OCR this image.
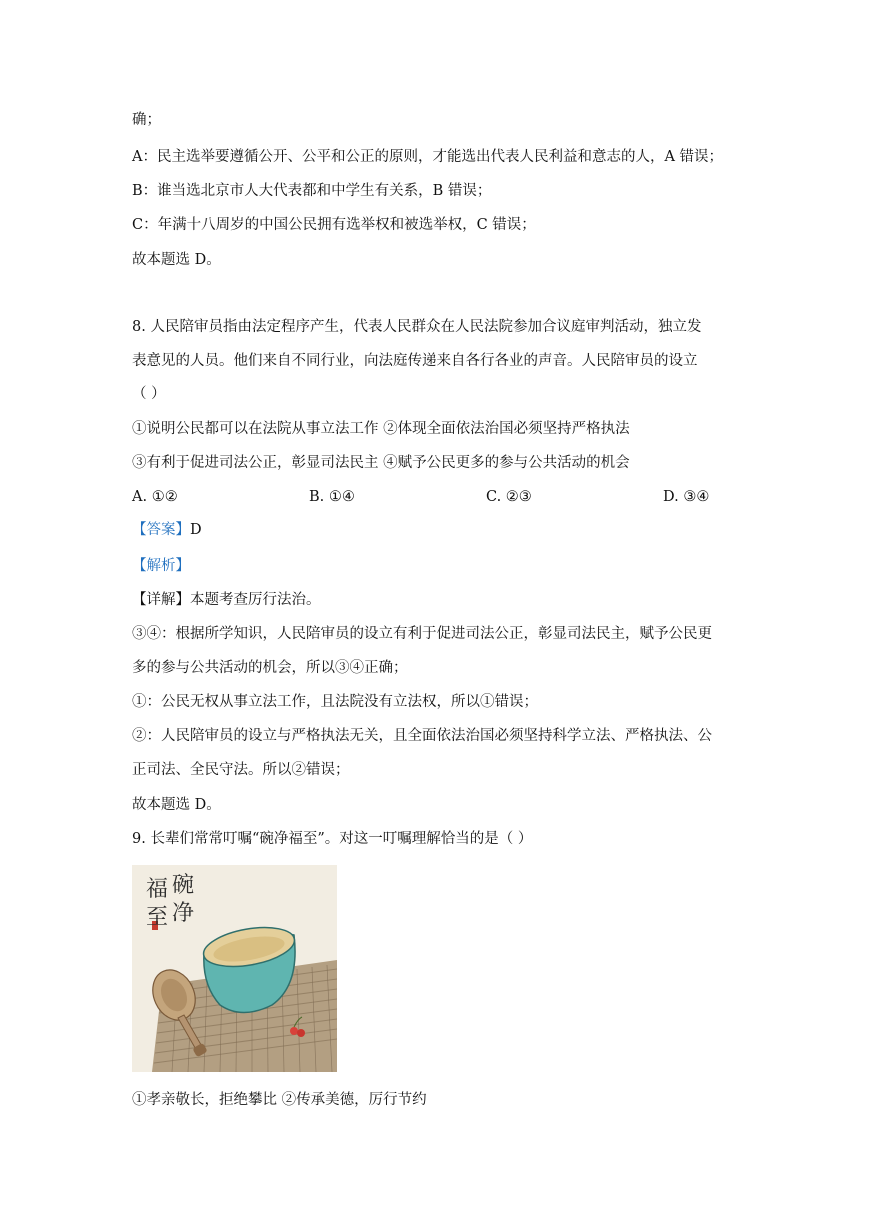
确；
A：民主选举要遵循公开、公平和公正的原则，才能选出代表人民利益和意志的人，A 错误；
B：谁当选北京市人大代表都和中学生有关系，B 错误；
C：年满十八周岁的中国公民拥有选举权和被选举权，C 错误；
故本题选 D。
8. 人民陪审员指由法定程序产生，代表人民群众在人民法院参加合议庭审判活动，独立发
表意见的人员。他们来自不同行业，向法庭传递来自各行各业的声音。人民陪审员的设立
（ ）
①说明公民都可以在法院从事立法工作 ②体现全面依法治国必须坚持严格执法
③有利于促进司法公正，彰显司法民主 ④赋予公民更多的参与公共活动的机会
A. ①②	B. ①④	C. ②③	D. ③④
【答案】D
【解析】
【详解】本题考查厉行法治。
③④：根据所学知识，人民陪审员的设立有利于促进司法公正，彰显司法民主，赋予公民更
多的参与公共活动的机会，所以③④正确；
①：公民无权从事立法工作，且法院没有立法权，所以①错误；
②：人民陪审员的设立与严格执法无关，且全面依法治国必须坚持科学立法、严格执法、公
正司法、全民守法。所以②错误；
故本题选 D。
9. 长辈们常常叮嘱“碗净福至”。对这一叮嘱理解恰当的是（ ）
碗
净
福
至
①孝亲敬长，拒绝攀比 ②传承美德，厉行节约
